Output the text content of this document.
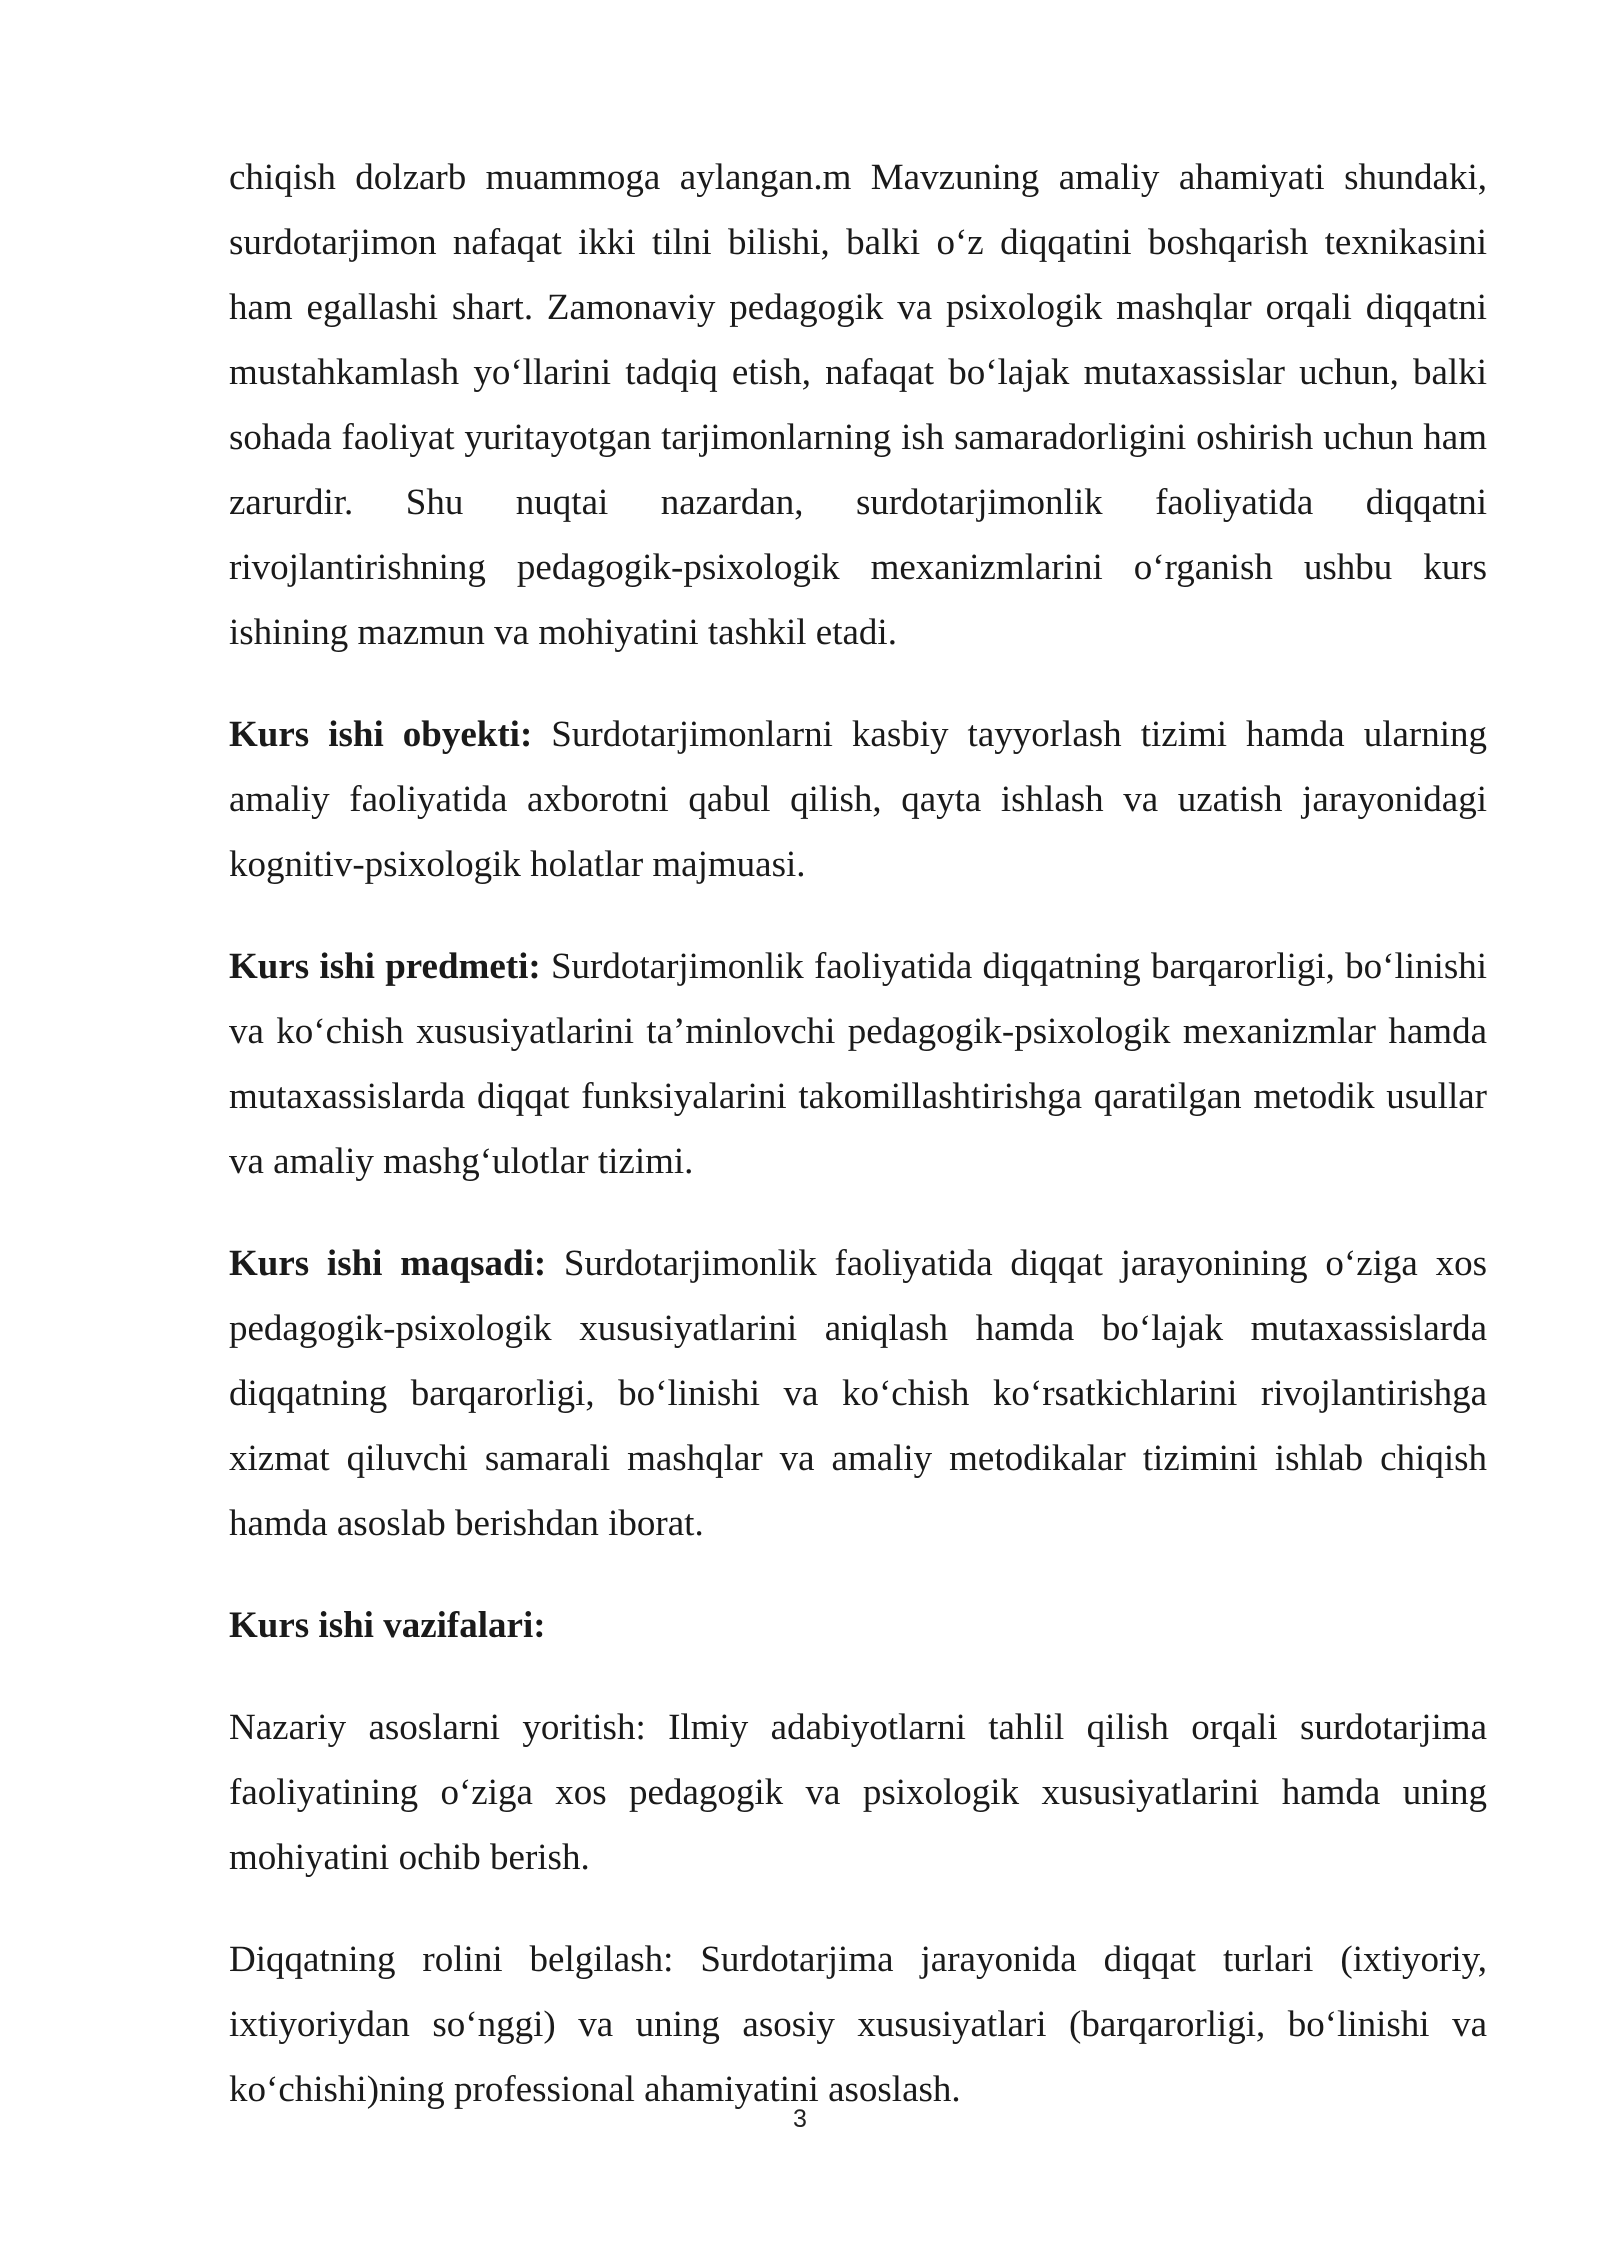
chiqish dolzarb muammoga aylangan.m Mavzuning amaliy ahamiyati shundaki, surdotarjimon nafaqat ikki tilni bilishi, balki o‘z diqqatini boshqarish texnikasini ham egallashi shart. Zamonaviy pedagogik va psixologik mashqlar orqali diqqatni mustahkamlash yo‘llarini tadqiq etish, nafaqat bo‘lajak mutaxassislar uchun, balki sohada faoliyat yuritayotgan tarjimonlarning ish samaradorligini oshirish uchun ham zarurdir. Shu nuqtai nazardan, surdotarjimonlik faoliyatida diqqatni rivojlantirishning pedagogik-psixologik mexanizmlarini o‘rganish ushbu kurs ishining mazmun va mohiyatini tashkil etadi.

Kurs ishi obyekti: Surdotarjimonlarni kasbiy tayyorlash tizimi hamda ularning amaliy faoliyatida axborotni qabul qilish, qayta ishlash va uzatish jarayonidagi kognitiv-psixologik holatlar majmuasi.

Kurs ishi predmeti: Surdotarjimonlik faoliyatida diqqatning barqarorligi, bo‘linishi va ko‘chish xususiyatlarini ta’minlovchi pedagogik-psixologik mexanizmlar hamda mutaxassislarda diqqat funksiyalarini takomillashtirishga qaratilgan metodik usullar va amaliy mashg‘ulotlar tizimi.

Kurs ishi maqsadi: Surdotarjimonlik faoliyatida diqqat jarayonining o‘ziga xos pedagogik-psixologik xususiyatlarini aniqlash hamda bo‘lajak mutaxassislarda diqqatning barqarorligi, bo‘linishi va ko‘chish ko‘rsatkichlarini rivojlantirishga xizmat qiluvchi samarali mashqlar va amaliy metodikalar tizimini ishlab chiqish hamda asoslab berishdan iborat.

Kurs ishi vazifalari:

Nazariy asoslarni yoritish: Ilmiy adabiyotlarni tahlil qilish orqali surdotarjima faoliyatining o‘ziga xos pedagogik va psixologik xususiyatlarini hamda uning mohiyatini ochib berish.

Diqqatning rolini belgilash: Surdotarjima jarayonida diqqat turlari (ixtiyoriy, ixtiyoriydan so‘nggi) va uning asosiy xususiyatlari (barqarorligi, bo‘linishi va ko‘chishi)ning professional ahamiyatini asoslash.

3
